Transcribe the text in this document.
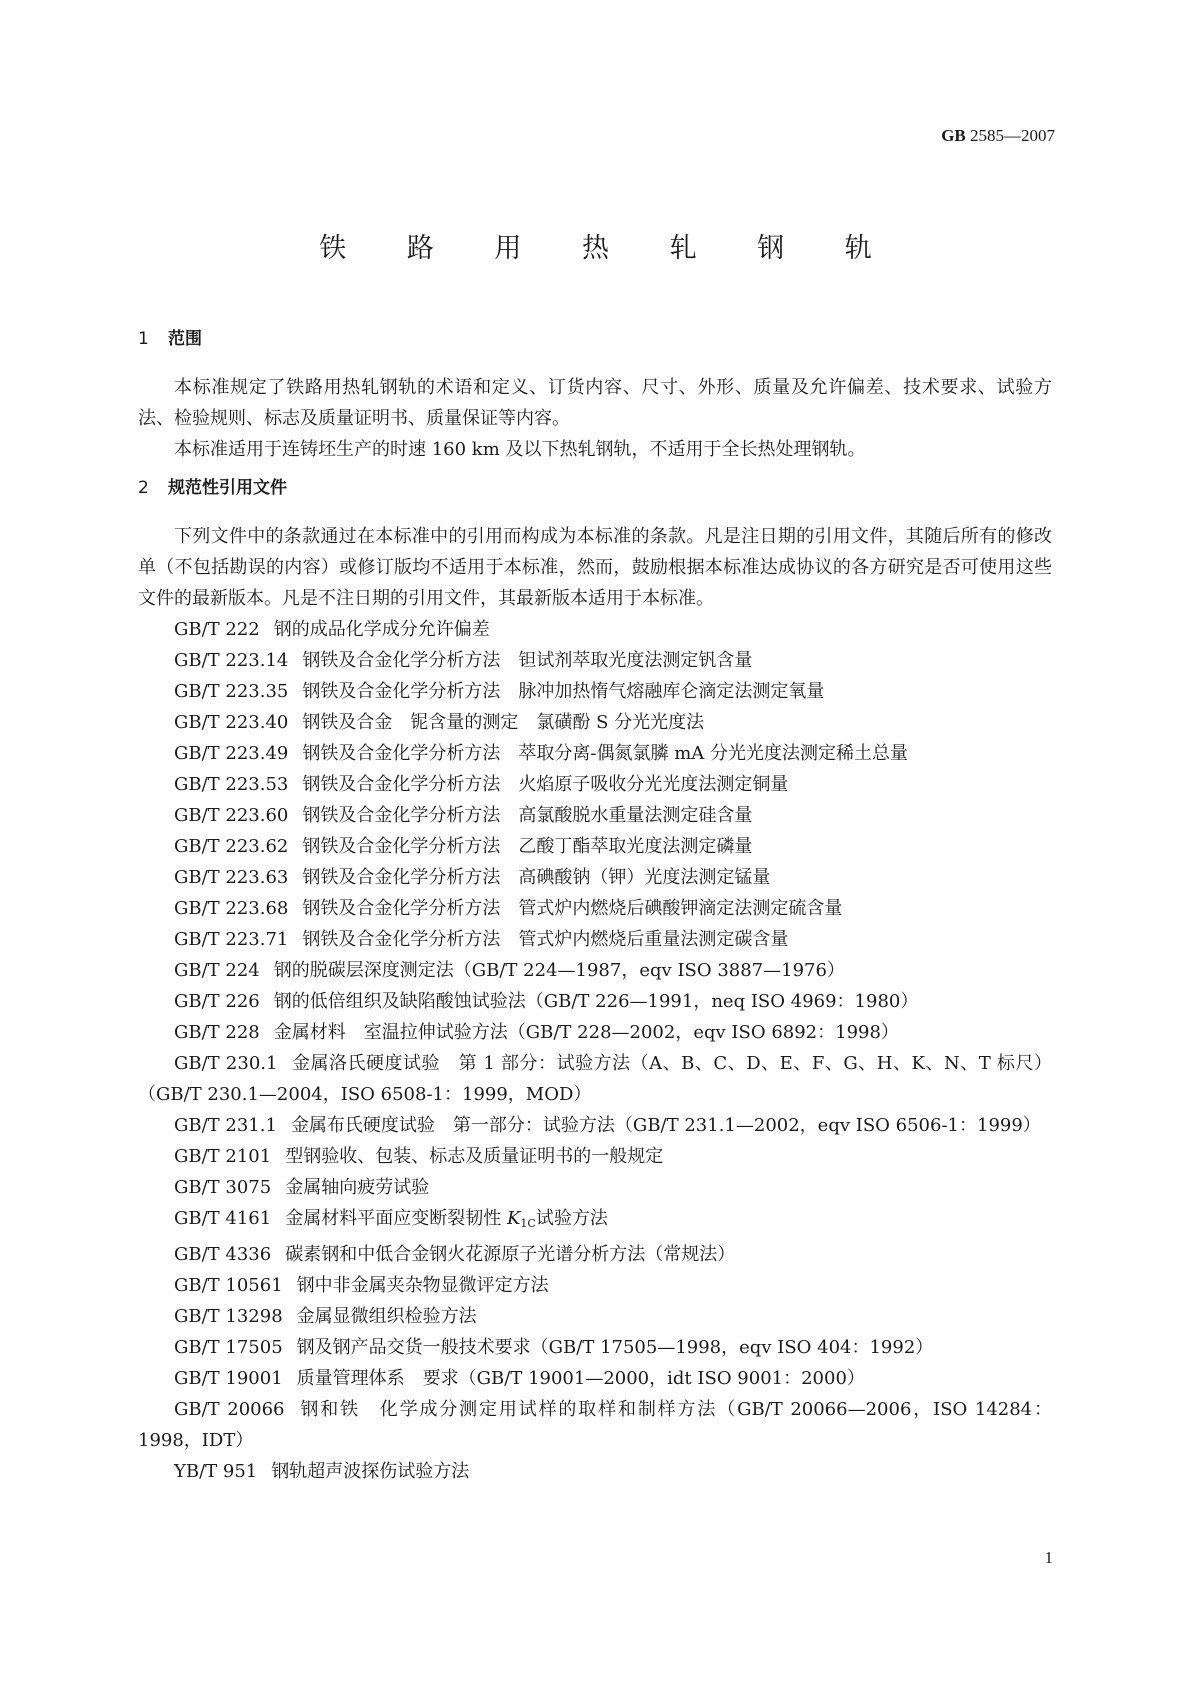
GB 2585—2007
铁 路 用 热 轧 钢 轨

1 范围

本标准规定了铁路用热轧钢轨的术语和定义、订货内容、尺寸、外形、质量及允许偏差、技术要求、试验方法、检验规则、标志及质量证明书、质量保证等内容。

本标准适用于连铸坯生产的时速 160 km 及以下热轧钢轨，不适用于全长热处理钢轨。

2 规范性引用文件

下列文件中的条款通过在本标准中的引用而构成为本标准的条款。凡是注日期的引用文件，其随后所有的修改单（不包括勘误的内容）或修订版均不适用于本标准，然而，鼓励根据本标准达成协议的各方研究是否可使用这些文件的最新版本。凡是不注日期的引用文件，其最新版本适用于本标准。

GB/T 222 钢的成品化学成分允许偏差

GB/T 223.14 钢铁及合金化学分析方法　钽试剂萃取光度法测定钒含量

GB/T 223.35 钢铁及合金化学分析方法　脉冲加热惰气熔融库仑滴定法测定氧量

GB/T 223.40 钢铁及合金　铌含量的测定　氯磺酚 S 分光光度法

GB/T 223.49 钢铁及合金化学分析方法　萃取分离-偶氮氯膦 mA 分光光度法测定稀土总量

GB/T 223.53 钢铁及合金化学分析方法　火焰原子吸收分光光度法测定铜量

GB/T 223.60 钢铁及合金化学分析方法　高氯酸脱水重量法测定硅含量

GB/T 223.62 钢铁及合金化学分析方法　乙酸丁酯萃取光度法测定磷量

GB/T 223.63 钢铁及合金化学分析方法　高碘酸钠（钾）光度法测定锰量

GB/T 223.68 钢铁及合金化学分析方法　管式炉内燃烧后碘酸钾滴定法测定硫含量

GB/T 223.71 钢铁及合金化学分析方法　管式炉内燃烧后重量法测定碳含量

GB/T 224 钢的脱碳层深度测定法（GB/T 224—1987，eqv ISO 3887—1976）

GB/T 226 钢的低倍组织及缺陷酸蚀试验法（GB/T 226—1991，neq ISO 4969：1980）

GB/T 228 金属材料　室温拉伸试验方法（GB/T 228—2002，eqv ISO 6892：1998）

GB/T 230.1 金属洛氏硬度试验　第 1 部分：试验方法（A、B、C、D、E、F、G、H、K、N、T 标尺）（GB/T 230.1—2004，ISO 6508-1：1999，MOD）

GB/T 231.1 金属布氏硬度试验　第一部分：试验方法（GB/T 231.1—2002，eqv ISO 6506-1：1999）

GB/T 2101 型钢验收、包装、标志及质量证明书的一般规定

GB/T 3075 金属轴向疲劳试验

GB/T 4161 金属材料平面应变断裂韧性 $K_{1C}$试验方法

GB/T 4336 碳素钢和中低合金钢火花源原子光谱分析方法（常规法）

GB/T 10561 钢中非金属夹杂物显微评定方法

GB/T 13298 金属显微组织检验方法

GB/T 17505 钢及钢产品交货一般技术要求（GB/T 17505—1998，eqv ISO 404：1992）

GB/T 19001 质量管理体系　要求（GB/T 19001—2000，idt ISO 9001：2000）

GB/T 20066 钢和铁　化学成分测定用试样的取样和制样方法（GB/T 20066—2006，ISO 14284：1998，IDT）

YB/T 951 钢轨超声波探伤试验方法

1
